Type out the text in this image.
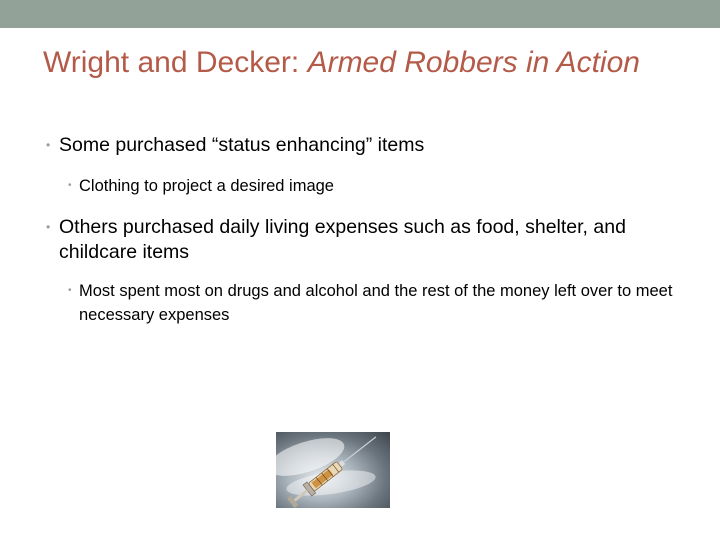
Wright and Decker: Armed Robbers in Action
• Some purchased “status enhancing” items
• Clothing to project a desired image
• Others purchased daily living expenses such as food, shelter, and childcare items
• Most spent most on drugs and alcohol and the rest of the money left over to meet necessary expenses
